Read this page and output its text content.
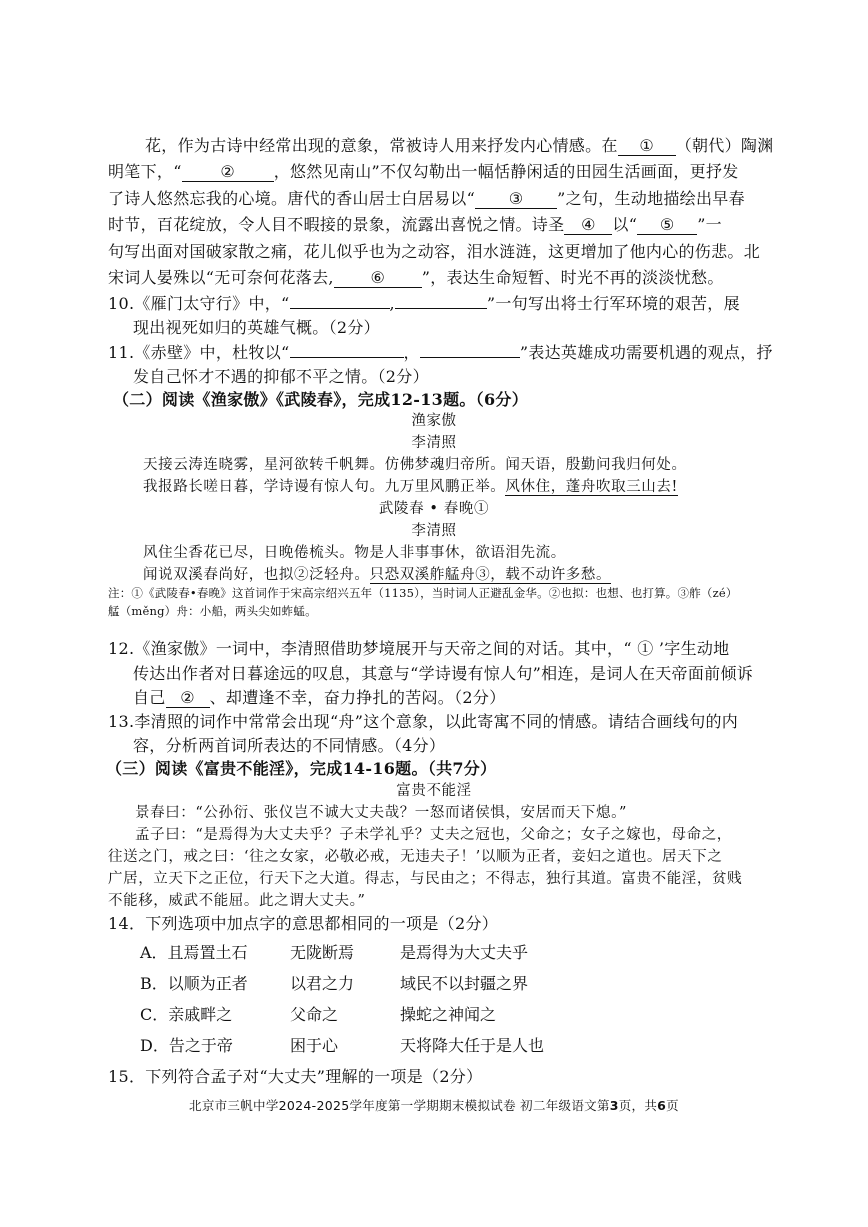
花，作为古诗中经常出现的意象，常被诗人用来抒发内心情感。在 ① （朝代）陶渊
明笔下，“ ② ，悠然见南山”不仅勾勒出一幅恬静闲适的田园生活画面，更抒发
了诗人悠然忘我的心境。唐代的香山居士白居易以“ ③ ”之句，生动地描绘出早春
时节，百花绽放，令人目不暇接的景象，流露出喜悦之情。诗圣 ④ 以“ ⑤ ”一
句写出面对国破家散之痛，花儿似乎也为之动容，泪水涟涟，这更增加了他内心的伤悲。北
宋词人晏殊以“无可奈何花落去, ⑥ ”，表达生命短暂、时光不再的淡淡忧愁。
10.《雁门太守行》中，“	,	”一句写出将士行军环境的艰苦，展
现出视死如归的英雄气概。（2分）
11.《赤壁》中，杜牧以“	，	”表达英雄成功需要机遇的观点，抒
发自己怀才不遇的抑郁不平之情。（2分）
（二）阅读《渔家傲》《武陵春》，完成12-13题。（6分）
渔家傲
李清照
天接云涛连晓雾，星河欲转千帆舞。仿佛梦魂归帝所。闻天语，殷勤问我归何处。
我报路长嗟日暮，学诗谩有惊人句。九万里风鹏正举。风休住，蓬舟吹取三山去!
武陵春 • 春晚①
李清照
风住尘香花已尽，日晚倦梳头。物是人非事事休，欲语泪先流。
闻说双溪春尚好，也拟②泛轻舟。只恐双溪舴艋舟③，载不动许多愁。
注：①《武陵春•春晚》这首词作于宋高宗绍兴五年（1135），当时词人正避乱金华。②也拟：也想、也打算。③舴（zé）
艋（měng）舟：小船，两头尖如蚱蜢。
12.《渔家傲》一词中，李清照借助梦境展开与天帝之间的对话。其中，“ ① ’字生动地
传达出作者对日暮途远的叹息，其意与“学诗谩有惊人句”相连，是词人在天帝面前倾诉
自己 ② 、却遭逢不幸，奋力挣扎的苦闷。（2分）
13.李清照的词作中常常会出现“舟”这个意象，以此寄寓不同的情感。请结合画线句的内
容，分析两首词所表达的不同情感。（4分）
（三）阅读《富贵不能淫》，完成14-16题。（共7分）
富贵不能淫
景春曰：“公孙衍、张仪岂不诚大丈夫哉？一怒而诸侯惧，安居而天下熄。”
孟子曰：“是焉得为大丈夫乎？子未学礼乎？丈夫之冠也，父命之；女子之嫁也，母命之，
往送之门，戒之曰：‘往之女家，必敬必戒，无违夫子！’以顺为正者，妾妇之道也。居天下之
广居，立天下之正位，行天下之大道。得志，与民由之；不得志，独行其道。富贵不能淫，贫贱
不能移，威武不能屈。此之谓大丈夫。”
14．下列选项中加点字的意思都相同的一项是（2分）
A．且焉置土石	无陇断焉	是焉得为大丈夫乎
B．以顺为正者	以君之力	域民不以封疆之界
C．亲戚畔之	父命之	操蛇之神闻之
D．告之于帝	困于心	天将降大任于是人也
15．下列符合孟子对“大丈夫”理解的一项是（2分）
北京市三帆中学2024-2025学年度第一学期期末模拟试卷 初二年级语文第3页，共6页
